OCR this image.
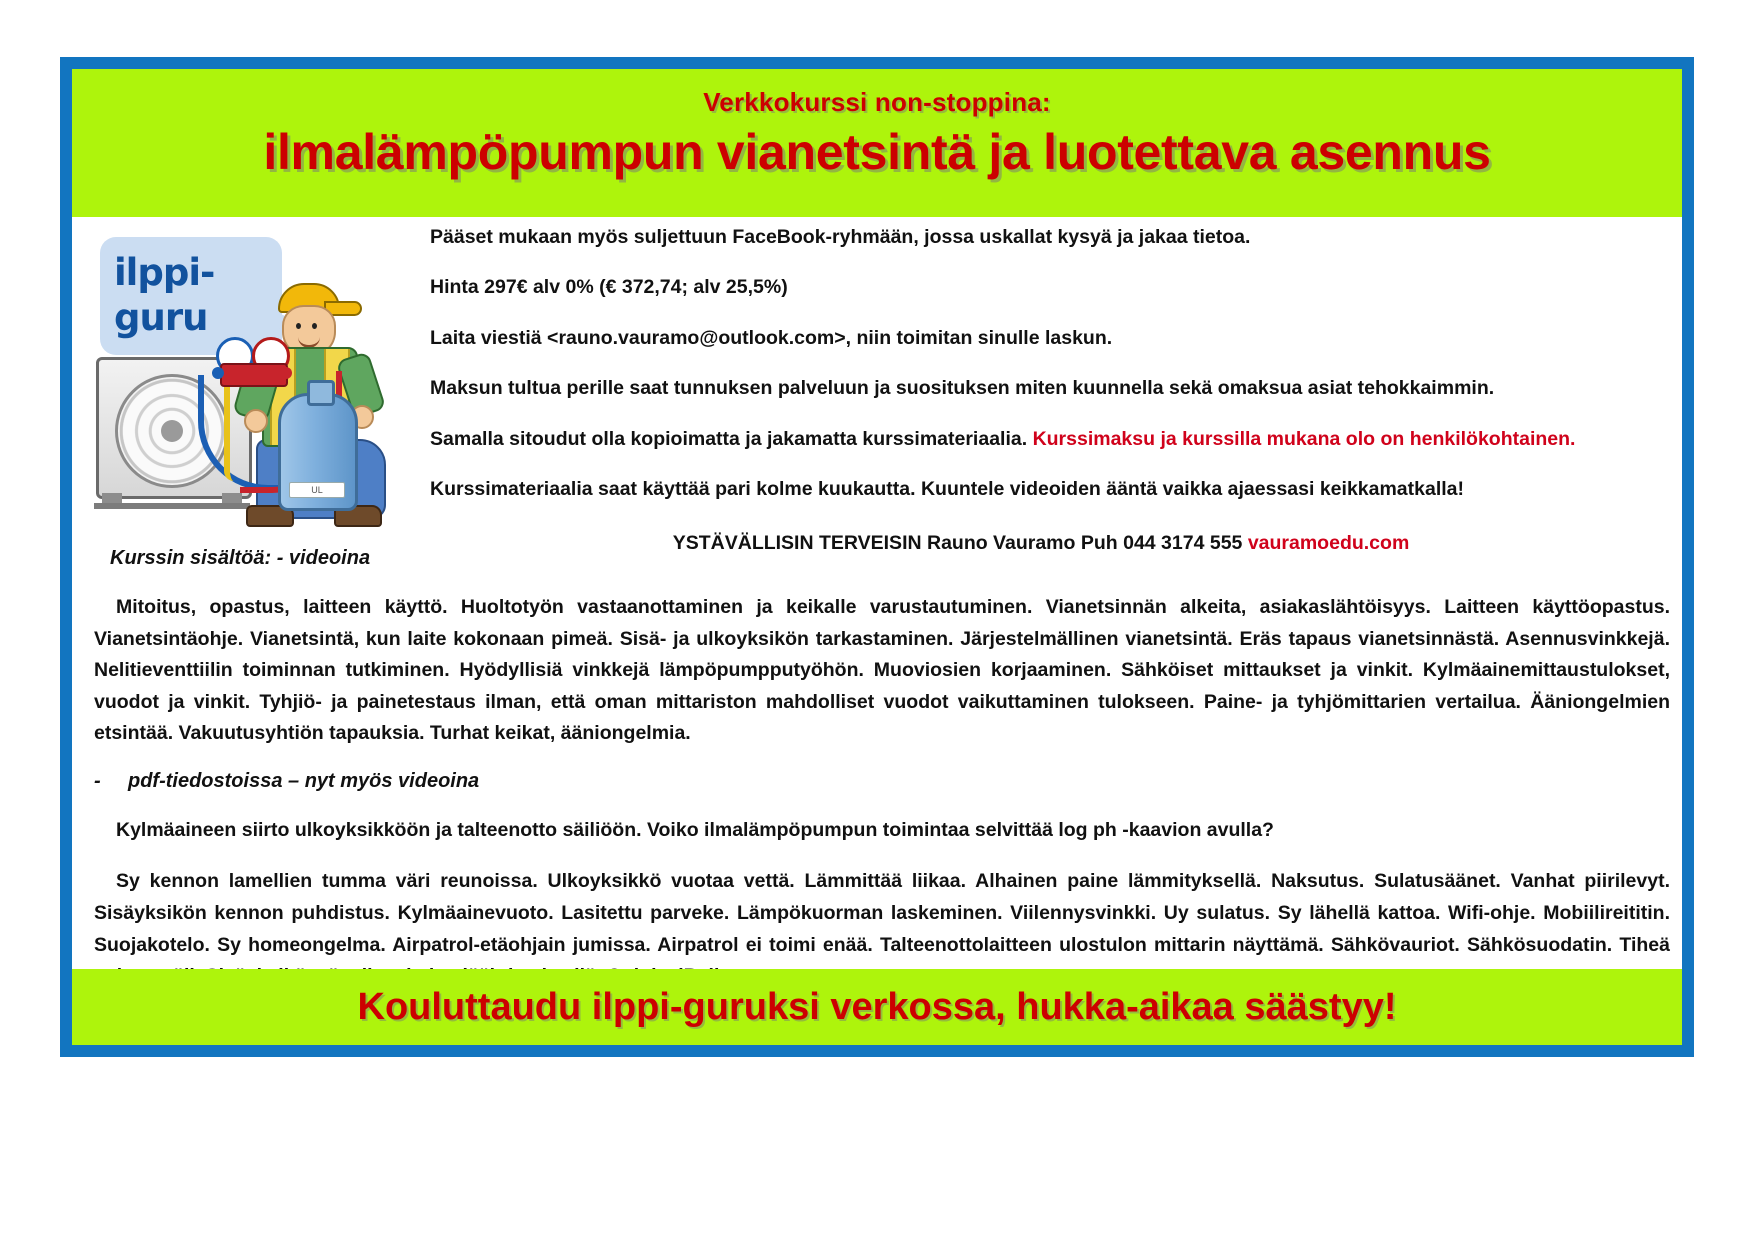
Verkkokurssi non-stoppina:

ilmalämpöpumpun vianetsintä ja luotettava asennus

ilppi-
guru
UL

Pääset mukaan myös suljettuun FaceBook-ryhmään, jossa uskallat kysyä ja jakaa tietoa.

Hinta 297€ alv 0% (€ 372,74; alv 25,5%)

Laita viestiä <rauno.vauramo@outlook.com>, niin toimitan sinulle laskun.

Maksun tultua perille saat tunnuksen palveluun ja suosituksen miten kuunnella sekä omaksua asiat tehokkaimmin.

Samalla sitoudut olla kopioimatta ja jakamatta kurssimateriaalia. Kurssimaksu ja kurssilla mukana olo on henkilökohtainen.

Kurssimateriaalia saat käyttää pari kolme kuukautta. Kuuntele videoiden ääntä vaikka ajaessasi keikkamatkalla!

YSTÄVÄLLISIN TERVEISIN Rauno Vauramo Puh 044 3174 555 vauramoedu.com

Kurssin sisältöä: - videoina

Mitoitus, opastus, laitteen käyttö. Huoltotyön vastaanottaminen ja keikalle varustautuminen. Vianetsinnän alkeita, asiakaslähtöisyys. Laitteen käyttöopastus. Vianetsintäohje. Vianetsintä, kun laite kokonaan pimeä. Sisä- ja ulkoyksikön tarkastaminen. Järjestelmällinen vianetsintä. Eräs tapaus vianetsinnästä. Asennusvinkkejä. Nelitieventtiilin toiminnan tutkiminen. Hyödyllisiä vinkkejä lämpöpumpputyöhön. Muoviosien korjaaminen. Sähköiset mittaukset ja vinkit. Kylmäainemittaustulokset, vuodot ja vinkit. Tyhjiö- ja painetestaus ilman, että oman mittariston mahdolliset vuodot vaikuttaminen tulokseen. Paine- ja tyhjömittarien vertailua. Ääniongelmien etsintää. Vakuutusyhtiön tapauksia. Turhat keikat, ääniongelmia.

- pdf-tiedostoissa – nyt myös videoina

Kylmäaineen siirto ulkoyksikköön ja talteenotto säiliöön. Voiko ilmalämpöpumpun toimintaa selvittää log ph -kaavion avulla?

Sy kennon lamellien tumma väri reunoissa. Ulkoyksikkö vuotaa vettä. Lämmittää liikaa. Alhainen paine lämmityksellä. Naksutus. Sulatusäänet. Vanhat piirilevyt. Sisäyksikön kennon puhdistus. Kylmäainevuoto. Lasitettu parveke. Lämpökuorman laskeminen. Viilennysvinkki. Uy sulatus. Sy lähellä kattoa. Wifi-ohje. Mobiilireititin. Suojakotelo. Sy homeongelma. Airpatrol-etäohjain jumissa. Airpatrol ei toimi enää. Talteenottolaitteen ulostulon mittarin näyttämä. Sähkövauriot. Sähkösuodatin. Tiheä

Kouluttaudu ilppi-guruksi verkossa, hukka-aikaa säästyy!
